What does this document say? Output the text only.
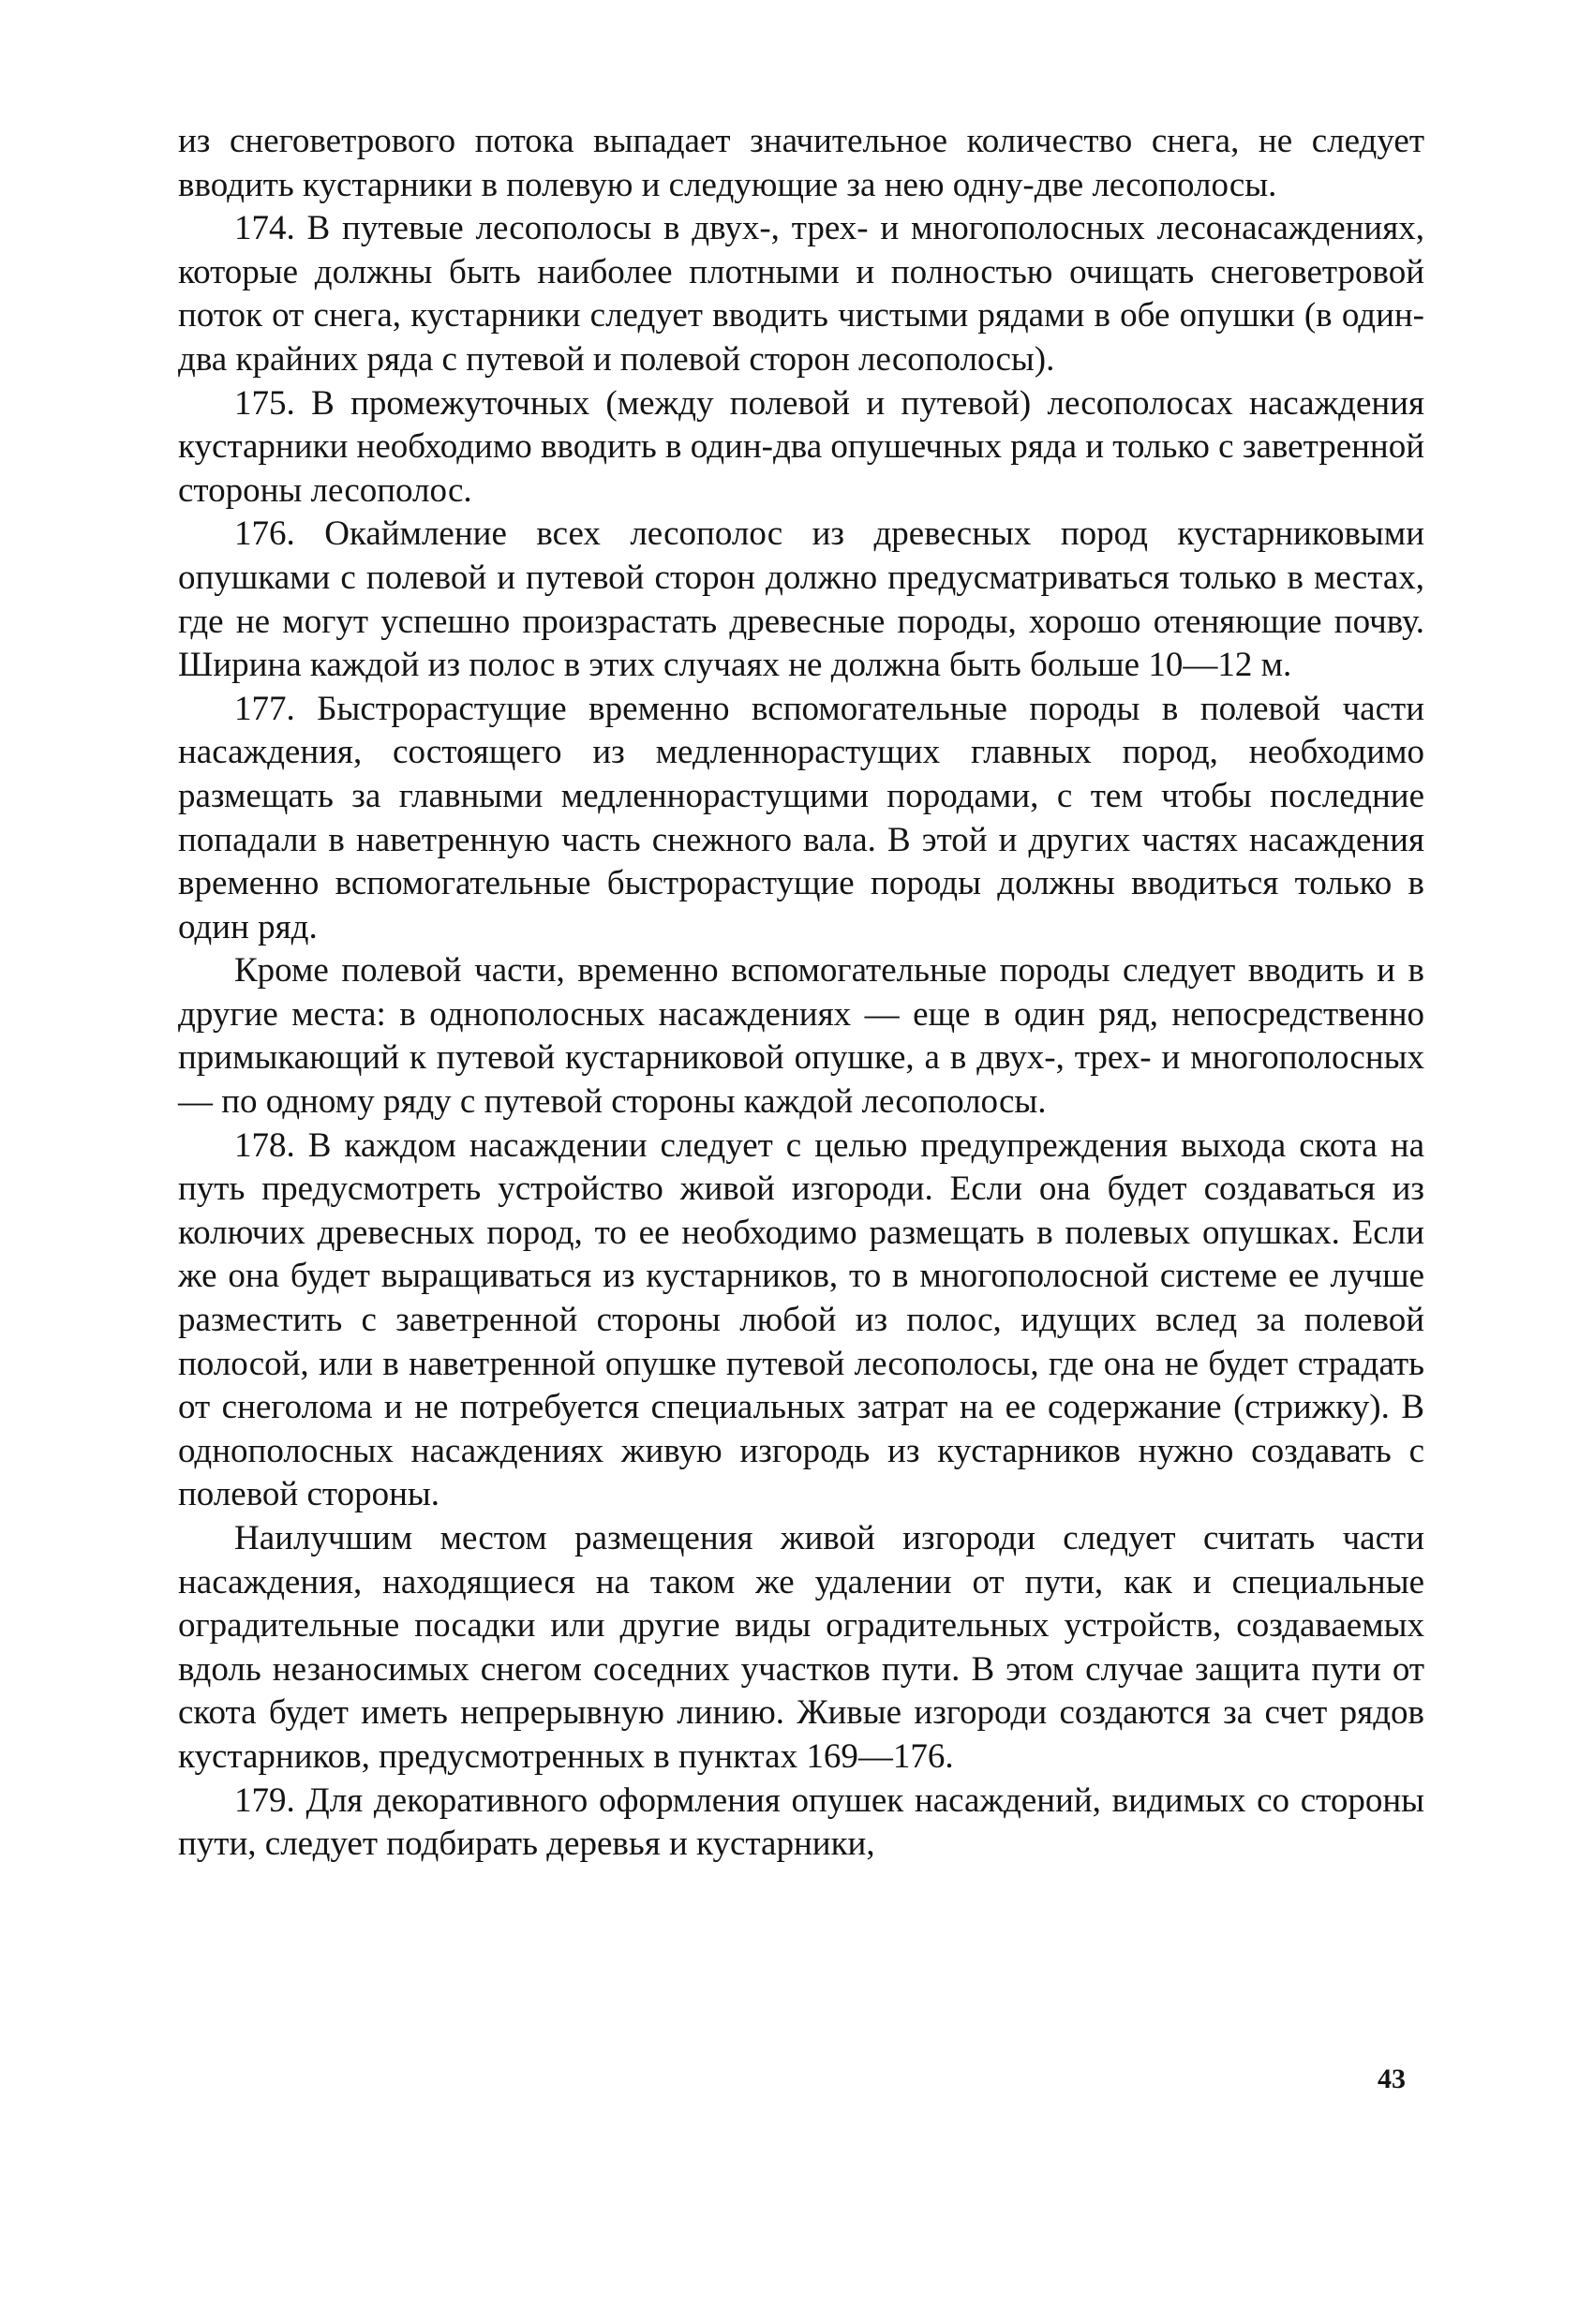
из снеговетрового потока выпадает значительное количество снега, не следует вводить кустарники в полевую и следующие за нею одну-две лесополосы.

174. В путевые лесополосы в двух-, трех- и многополосных лесонасаждениях, которые должны быть наиболее плотными и полностью очищать снеговетровой поток от снега, кустарники следует вводить чистыми рядами в обе опушки (в один-два крайних ряда с путевой и полевой сторон лесополосы).

175. В промежуточных (между полевой и путевой) лесополосах насаждения кустарники необходимо вводить в один-два опушечных ряда и только с заветренной стороны лесополос.

176. Окаймление всех лесополос из древесных пород кустарниковыми опушками с полевой и путевой сторон должно предусматриваться только в местах, где не могут успешно произрастать древесные породы, хорошо отеняющие почву. Ширина каждой из полос в этих случаях не должна быть больше 10—12 м.

177. Быстрорастущие временно вспомогательные породы в полевой части насаждения, состоящего из медленнорастущих главных пород, необходимо размещать за главными медленнорастущими породами, с тем чтобы последние попадали в наветренную часть снежного вала. В этой и других частях насаждения временно вспомогательные быстрорастущие породы должны вводиться только в один ряд.

Кроме полевой части, временно вспомогательные породы следует вводить и в другие места: в однополосных насаждениях — еще в один ряд, непосредственно примыкающий к путевой кустарниковой опушке, а в двух-, трех- и многополосных — по одному ряду с путевой стороны каждой лесополосы.

178. В каждом насаждении следует с целью предупреждения выхода скота на путь предусмотреть устройство живой изгороди. Если она будет создаваться из колючих древесных пород, то ее необходимо размещать в полевых опушках. Если же она будет выращиваться из кустарников, то в многополосной системе ее лучше разместить с заветренной стороны любой из полос, идущих вслед за полевой полосой, или в наветренной опушке путевой лесополосы, где она не будет страдать от снеголома и не потребуется специальных затрат на ее содержание (стрижку). В однополосных насаждениях живую изгородь из кустарников нужно создавать с полевой стороны.

Наилучшим местом размещения живой изгороди следует считать части насаждения, находящиеся на таком же удалении от пути, как и специальные оградительные посадки или другие виды оградительных устройств, создаваемых вдоль незаносимых снегом соседних участков пути. В этом случае защита пути от скота будет иметь непрерывную линию. Живые изгороди создаются за счет рядов кустарников, предусмотренных в пунктах 169—176.

179. Для декоративного оформления опушек насаждений, видимых со стороны пути, следует подбирать деревья и кустарники,

43
